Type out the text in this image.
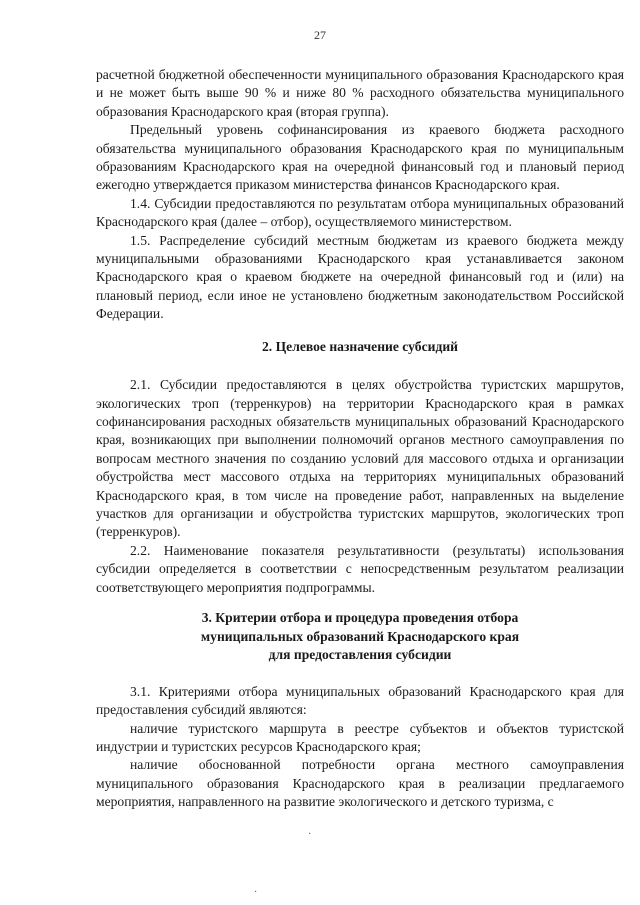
27

расчетной бюджетной обеспеченности муниципального образования Краснодарского края и не может быть выше 90 % и ниже 80 % расходного обязательства муниципального образования Краснодарского края (вторая группа).

Предельный уровень софинансирования из краевого бюджета расходного обязательства муниципального образования Краснодарского края по муниципальным образованиям Краснодарского края на очередной финансовый год и плановый период ежегодно утверждается приказом министерства финансов Краснодарского края.

1.4. Субсидии предоставляются по результатам отбора муниципальных образований Краснодарского края (далее – отбор), осуществляемого министерством.

1.5. Распределение субсидий местным бюджетам из краевого бюджета между муниципальными образованиями Краснодарского края устанавливается законом Краснодарского края о краевом бюджете на очередной финансовый год и (или) на плановый период, если иное не установлено бюджетным законодательством Российской Федерации.

2. Целевое назначение субсидий

2.1. Субсидии предоставляются в целях обустройства туристских маршрутов, экологических троп (терренкуров) на территории Краснодарского края в рамках софинансирования расходных обязательств муниципальных образований Краснодарского края, возникающих при выполнении полномочий органов местного самоуправления по вопросам местного значения по созданию условий для массового отдыха и организации обустройства мест массового отдыха на территориях муниципальных образований Краснодарского края, в том числе на проведение работ, направленных на выделение участков для организации и обустройства туристских маршрутов, экологических троп (терренкуров).

2.2. Наименование показателя результативности (результаты) использования субсидии определяется в соответствии с непосредственным результатом реализации соответствующего мероприятия подпрограммы.

3. Критерии отбора и процедура проведения отбора
муниципальных образований Краснодарского края
для предоставления субсидии

3.1. Критериями отбора муниципальных образований Краснодарского края для предоставления субсидий являются:

наличие туристского маршрута в реестре субъектов и объектов туристской индустрии и туристских ресурсов Краснодарского края;

наличие обоснованной потребности органа местного самоуправления муниципального образования Краснодарского края в реализации предлагаемого мероприятия, направленного на развитие экологического и детского туризма, с

·
·
